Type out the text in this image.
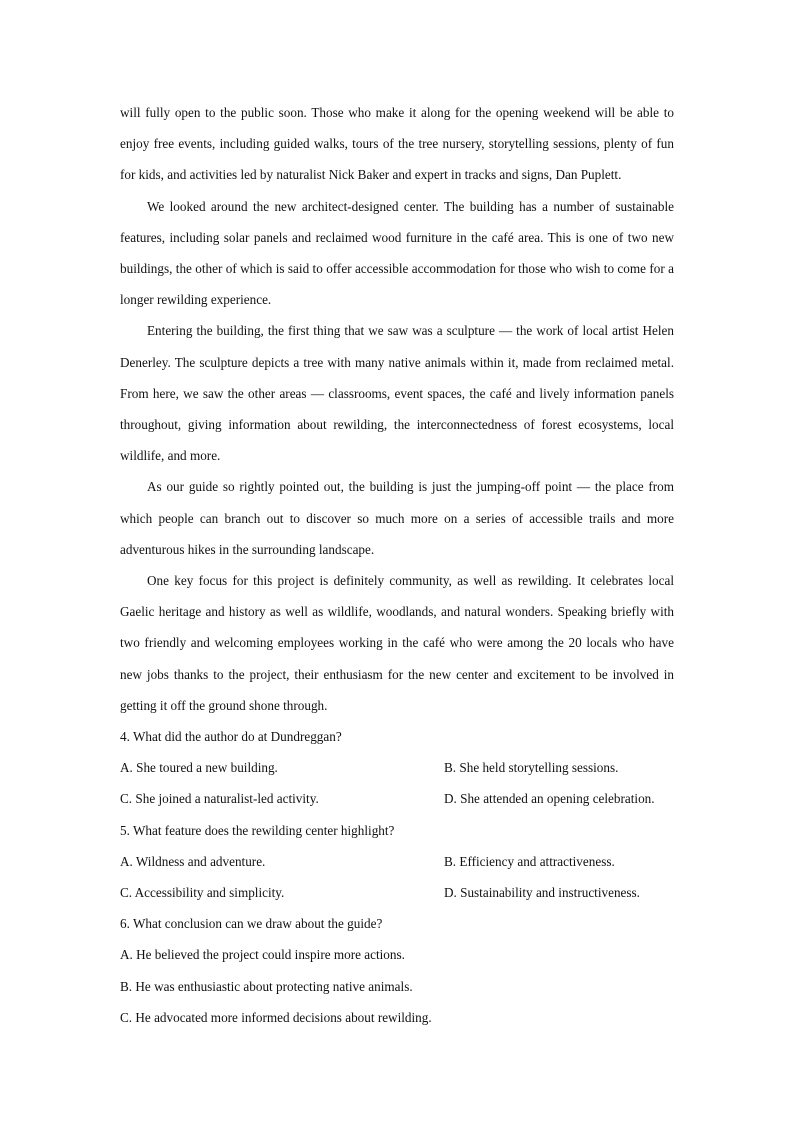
will fully open to the public soon. Those who make it along for the opening weekend will be able to enjoy free events, including guided walks, tours of the tree nursery, storytelling sessions, plenty of fun for kids, and activities led by naturalist Nick Baker and expert in tracks and signs, Dan Puplett.

We looked around the new architect-designed center. The building has a number of sustainable features, including solar panels and reclaimed wood furniture in the café area. This is one of two new buildings, the other of which is said to offer accessible accommodation for those who wish to come for a longer rewilding experience.

Entering the building, the first thing that we saw was a sculpture — the work of local artist Helen Denerley. The sculpture depicts a tree with many native animals within it, made from reclaimed metal. From here, we saw the other areas — classrooms, event spaces, the café and lively information panels throughout, giving information about rewilding, the interconnectedness of forest ecosystems, local wildlife, and more.

As our guide so rightly pointed out, the building is just the jumping-off point — the place from which people can branch out to discover so much more on a series of accessible trails and more adventurous hikes in the surrounding landscape.

One key focus for this project is definitely community, as well as rewilding. It celebrates local Gaelic heritage and history as well as wildlife, woodlands, and natural wonders. Speaking briefly with two friendly and welcoming employees working in the café who were among the 20 locals who have new jobs thanks to the project, their enthusiasm for the new center and excitement to be involved in getting it off the ground shone through.

4. What did the author do at Dundreggan?

A. She toured a new building.	B. She held storytelling sessions.
C. She joined a naturalist-led activity.	D. She attended an opening celebration.

5. What feature does the rewilding center highlight?

A. Wildness and adventure.	B. Efficiency and attractiveness.
C. Accessibility and simplicity.	D. Sustainability and instructiveness.

6. What conclusion can we draw about the guide?

A. He believed the project could inspire more actions.
B. He was enthusiastic about protecting native animals.
C. He advocated more informed decisions about rewilding.
